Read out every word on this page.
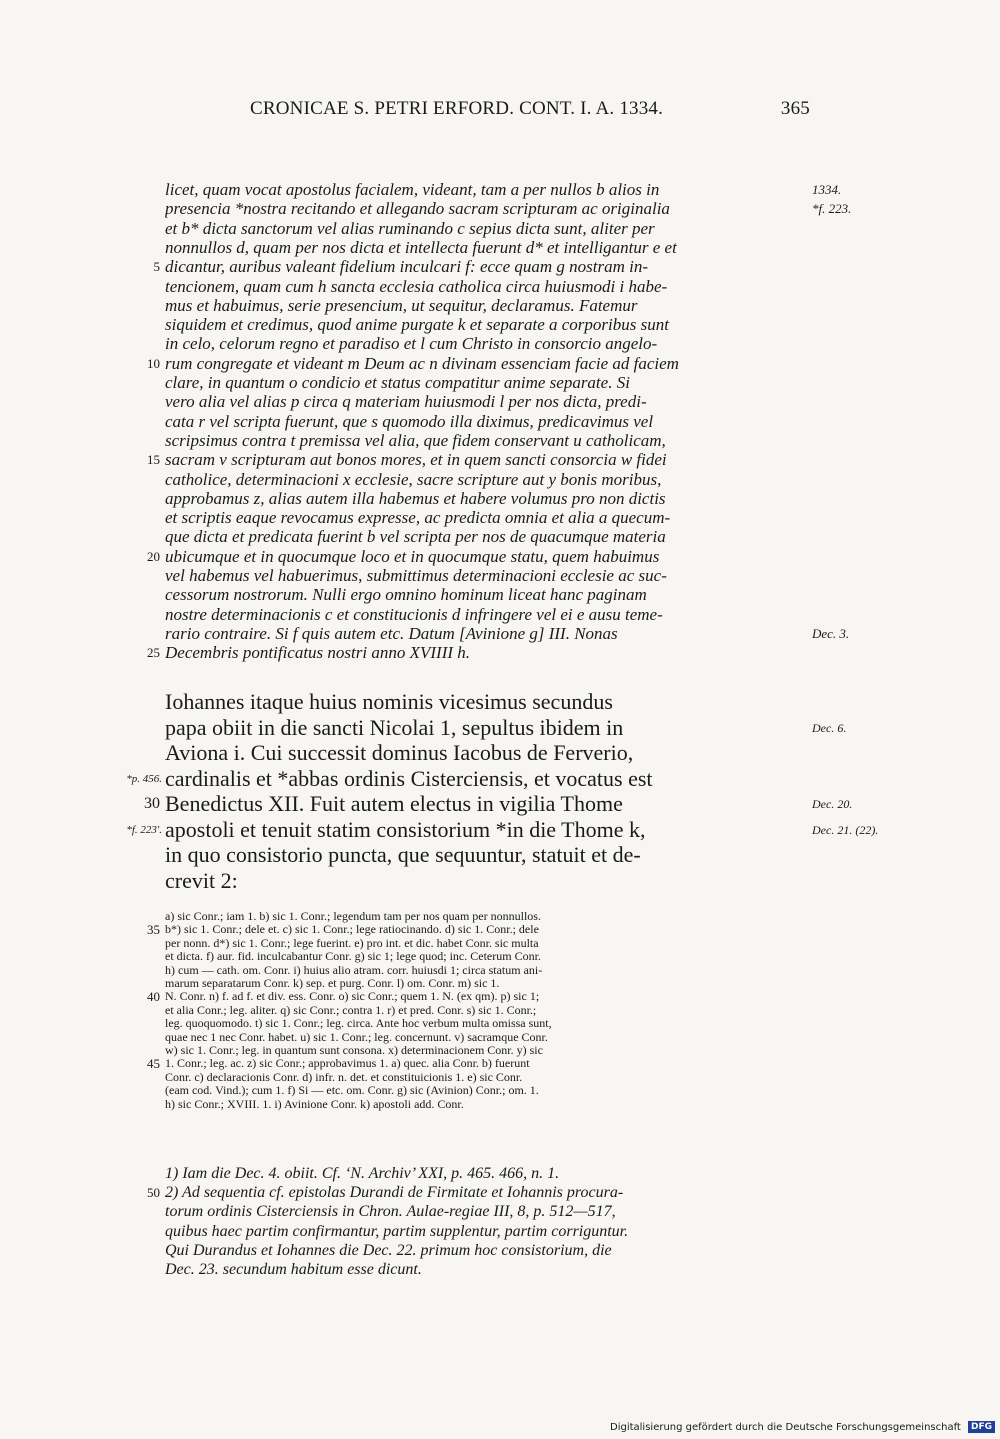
CRONICAE S. PETRI ERFORD. CONT. I. A. 1334.	365
licet, quam vocat apostolus facialem, videant, tam a per nullos b alios in	1334.
presencia *nostra recitando et allegando sacram scripturam ac originalia	*f. 223.
et b* dicta sanctorum vel alias ruminando c sepius dicta sunt, aliter per
nonnullos d, quam per nos dicta et intellecta fuerunt d* et intelligantur e et
dicantur, auribus valeant fidelium inculcari f: ecce quam g nostram in-
5
tencionem, quam cum h sancta ecclesia catholica circa huiusmodi i habe-
mus et habuimus, serie presencium, ut sequitur, declaramus. Fatemur
siquidem et credimus, quod anime purgate k et separate a corporibus sunt
in celo, celorum regno et paradiso et l cum Christo in consorcio angelo-
rum congregate et videant m Deum ac n divinam essenciam facie ad faciem
10
clare, in quantum o condicio et status compatitur anime separate. Si
vero alia vel alias p circa q materiam huiusmodi l per nos dicta, predi-
cata r vel scripta fuerunt, que s quomodo illa diximus, predicavimus vel
scripsimus contra t premissa vel alia, que fidem conservant u catholicam,
sacram v scripturam aut bonos mores, et in quem sancti consorcia w fidei
15
catholice, determinacioni x ecclesie, sacre scripture aut y bonis moribus,
approbamus z, alias autem illa habemus et habere volumus pro non dictis
et scriptis eaque revocamus expresse, ac predicta omnia et alia a quecum-
que dicta et predicata fuerint b vel scripta per nos de quacumque materia
ubicumque et in quocumque loco et in quocumque statu, quem habuimus
20
vel habemus vel habuerimus, submittimus determinacioni ecclesie ac suc-
cessorum nostrorum. Nulli ergo omnino hominum liceat hanc paginam
nostre determinacionis c et constitucionis d infringere vel ei e ausu teme-
rario contraire. Si f quis autem etc. Datum [Avinione g] III. Nonas	Dec. 3.
Decembris pontificatus nostri anno XVIIII h.
25
Iohannes itaque huius nominis vicesimus secundus
papa obiit in die sancti Nicolai 1, sepultus ibidem in	Dec. 6.
Aviona i. Cui successit dominus Iacobus de Ferverio,
cardinalis et *abbas ordinis Cisterciensis, et vocatus est
*p. 456.
Benedictus XII. Fuit autem electus in vigilia Thome
30	Dec. 20.
apostoli et tenuit statim consistorium *in die Thome k,
*f. 223'.	Dec. 21. (22).
in quo consistorio puncta, que sequuntur, statuit et de-
crevit 2:
a) sic Conr.; iam 1. b) sic 1. Conr.; legendum tam per nos quam per nonnullos.
b*) sic 1. Conr.; dele et. c) sic 1. Conr.; lege ratiocinando. d) sic 1. Conr.; dele
35
per nonn. d*) sic 1. Conr.; lege fuerint. e) pro int. et dic. habet Conr. sic multa
et dicta. f) aur. fid. inculcabantur Conr. g) sic 1; lege quod; inc. Ceterum Conr.
h) cum — cath. om. Conr. i) huius alio atram. corr. huiusdi 1; circa statum ani-
marum separatarum Conr. k) sep. et purg. Conr. l) om. Conr. m) sic 1.
N. Conr. n) f. ad f. et div. ess. Conr. o) sic Conr.; quem 1. N. (ex qm). p) sic 1;
40
et alia Conr.; leg. aliter. q) sic Conr.; contra 1. r) et pred. Conr. s) sic 1. Conr.;
leg. quoquomodo. t) sic 1. Conr.; leg. circa. Ante hoc verbum multa omissa sunt,
quae nec 1 nec Conr. habet. u) sic 1. Conr.; leg. concernunt. v) sacramque Conr.
w) sic 1. Conr.; leg. in quantum sunt consona. x) determinacionem Conr. y) sic
1. Conr.; leg. ac. z) sic Conr.; approbavimus 1. a) quec. alia Conr. b) fuerunt
45
Conr. c) declaracionis Conr. d) infr. n. det. et constituicionis 1. e) sic Conr.
(eam cod. Vind.); cum 1. f) Si — etc. om. Conr. g) sic (Avinion) Conr.; om. 1.
h) sic Conr.; XVIII. 1. i) Avinione Conr. k) apostoli add. Conr.
1) Iam die Dec. 4. obiit. Cf. ‘N. Archiv’ XXI, p. 465. 466, n. 1.
2) Ad sequentia cf. epistolas Durandi de Firmitate et Iohannis procura-
50
torum ordinis Cisterciensis in Chron. Aulae-regiae III, 8, p. 512—517,
quibus haec partim confirmantur, partim supplentur, partim corriguntur.
Qui Durandus et Iohannes die Dec. 22. primum hoc consistorium, die
Dec. 23. secundum habitum esse dicunt.
Digitalisierung gefördert durch die Deutsche Forschungsgemeinschaft DFG
